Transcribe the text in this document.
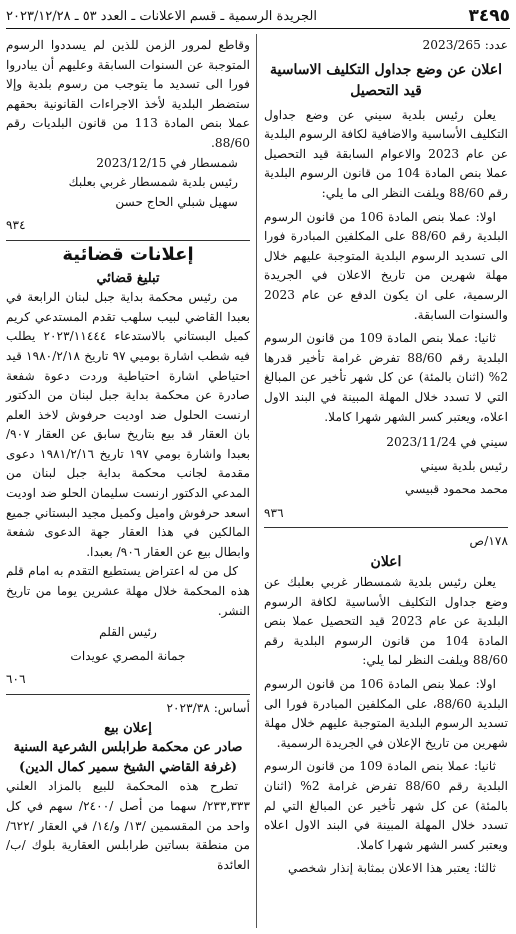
٣٤٩٥
الجريدة الرسمية ـ قسم الاعلانات ـ العدد ٥٣ ـ ٢٠٢٣/١٢/٢٨

عدد: 2023/265

اعلان عن وضع جداول التكليف الاساسية قيد التحصيل

يعلن رئيس بلدية سيني عن وضع جداول التكليف الأساسية والاضافية لكافة الرسوم البلدية عن عام 2023 والاعوام السابقة قيد التحصيل عملا بنص المادة 104 من قانون الرسوم البلدية رقم 88/60 ويلفت النظر الى ما يلي:

اولا: عملا بنص المادة 106 من قانون الرسوم البلدية رقم 88/60 على المكلفين المبادرة فورا الى تسديد الرسوم البلدية المتوجبة عليهم خلال مهلة شهرين من تاريخ الاعلان في الجريدة الرسمية، على ان يكون الدفع عن عام 2023 والسنوات السابقة.

ثانيا: عملا بنص المادة 109 من قانون الرسوم البلدية رقم 88/60 تفرض غرامة تأخير قدرها 2% (اثنان بالمئة) عن كل شهر تأخير عن المبالغ التي لا تسدد خلال المهلة المبينة في البند الاول اعلاه، ويعتبر كسر الشهر شهرا كاملا.

سيني في 2023/11/24

رئيس بلدية سيني

محمد محمود قبيسي

٩٣٦

١٧٨/ص

اعلان

يعلن رئيس بلدية شمسطار غربي بعلبك عن وضع جداول التكليف الأساسية لكافة الرسوم البلدية عن عام 2023 قيد التحصيل عملا بنص المادة 104 من قانون الرسوم البلدية رقم 88/60 ويلفت النظر لما يلي:

اولا: عملا بنص المادة 106 من قانون الرسوم البلدية 88/60، على المكلفين المبادرة فورا الى تسديد الرسوم البلدية المتوجبة عليهم خلال مهلة شهرين من تاريخ الإعلان في الجريدة الرسمية.

ثانيا: عملا بنص المادة 109 من قانون الرسوم البلدية رقم 88/60 تفرض غرامة 2% (اثنان بالمئة) عن كل شهر تأخير عن المبالغ التي لم تسدد خلال المهلة المبينة في البند الاول اعلاه ويعتبر كسر الشهر شهرا كاملا.

ثالثا: يعتبر هذا الاعلان بمثابة إنذار شخصي

وقاطع لمرور الزمن للذين لم يسددوا الرسوم المتوجبة عن السنوات السابقة وعليهم أن يبادروا فورا الى تسديد ما يتوجب من رسوم بلدية وإلا ستضطر البلدية لأخذ الاجراءات القانونية بحقهم عملا بنص المادة 113 من قانون البلديات رقم 88/60.

شمسطار في 2023/12/15

رئيس بلدية شمسطار غربي بعلبك

سهيل شبلي الحاج حسن

٩٣٤

إعلانات قضائية

تبليغ قضائي

من رئيس محكمة بداية جبل لبنان الرابعة في بعبدا القاضي لبيب سلهب تقدم المستدعي كريم كميل البستاني بالاستدعاء ٢٠٢٣/١١٤٤٤ يطلب فيه شطب اشارة بوميي ٩٧ تاريخ ١٩٨٠/٢/١٨ قيد احتياطي اشارة احتياطية وردت دعوة شفعة صادرة عن محكمة بداية جبل لبنان من الدكتور ارنست الحلول ضد اوديت حرفوش لاخذ العلم بان العقار قد بيع بتاريخ سابق عن العقار ٩٠٧/ بعبدا واشارة بومي ١٩٧ تاريخ ١٩٨١/٢/١٦ دعوى مقدمة لجانب محكمة بداية جبل لبنان من المدعي الدكتور ارنست سليمان الحلو ضد اوديت اسعد حرفوش واميل وكميل مجيد البستاني جميع المالكين في هذا العقار جهة الدعوى شفعة وابطال بيع عن العقار ٩٠٦/ بعبدا.

كل من له اعتراض يستطيع التقدم به امام قلم هذه المحكمة خلال مهلة عشرين يوما من تاريخ النشر.

رئيس القلم

جمانة المصري عويدات

٦٠٦

أساس: ٢٠٢٣/٣٨

إعلان بيع

صادر عن محكمة طرابلس الشرعية السنية

(غرفة القاضي الشيخ سمير كمال الدين)

تطرح هذه المحكمة للبيع بالمزاد العلني ٢٣٣,٣٣٣/ سهما من أصل /٢٤٠٠/ سهم في كل واحد من المقسمين /١٣/ و/١٤/ في العقار /٦٢٢/ من منطقة بساتين طرابلس العقارية بلوك /ب/ العائدة
